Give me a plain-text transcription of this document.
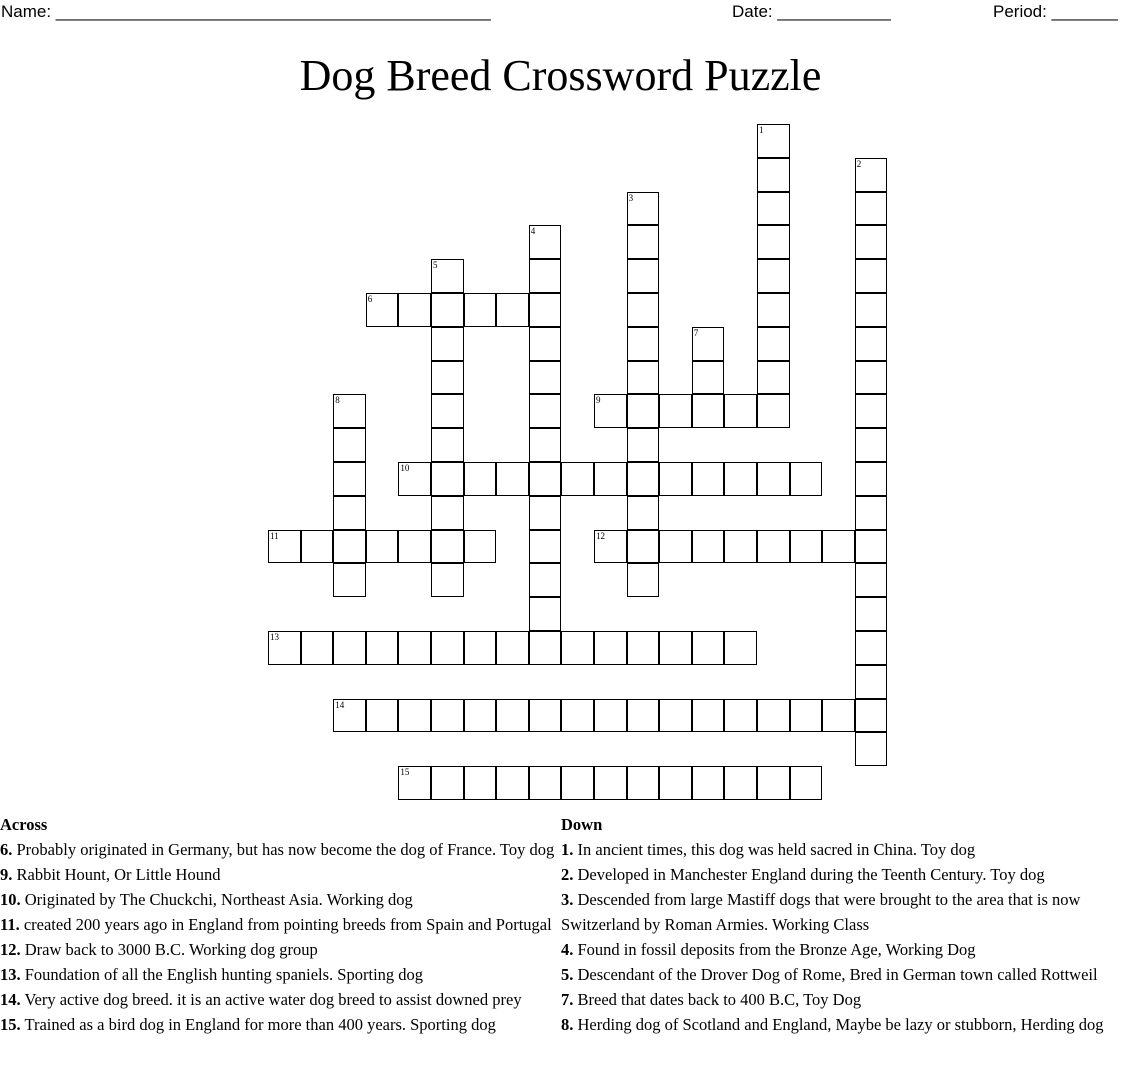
Name: ______________________________________________	Date: ____________	Period: _______
Dog Breed Crossword Puzzle
1
2
3
4
5
6
7
8	9
10
11	12
13
14
15
Across
6. Probably originated in Germany, but has now become the dog of France. Toy dog
9. Rabbit Hount, Or Little Hound
10. Originated by The Chuckchi, Northeast Asia. Working dog
11. created 200 years ago in England from pointing breeds from Spain and Portugal
12. Draw back to 3000 B.C. Working dog group
13. Foundation of all the English hunting spaniels. Sporting dog
14. Very active dog breed. it is an active water dog breed to assist downed prey
15. Trained as a bird dog in England for more than 400 years. Sporting dog
Down
1. In ancient times, this dog was held sacred in China. Toy dog
2. Developed in Manchester England during the Teenth Century. Toy dog
3. Descended from large Mastiff dogs that were brought to the area that is now Switzerland by Roman Armies. Working Class
4. Found in fossil deposits from the Bronze Age, Working Dog
5. Descendant of the Drover Dog of Rome, Bred in German town called Rottweil
7. Breed that dates back to 400 B.C, Toy Dog
8. Herding dog of Scotland and England, Maybe be lazy or stubborn, Herding dog
